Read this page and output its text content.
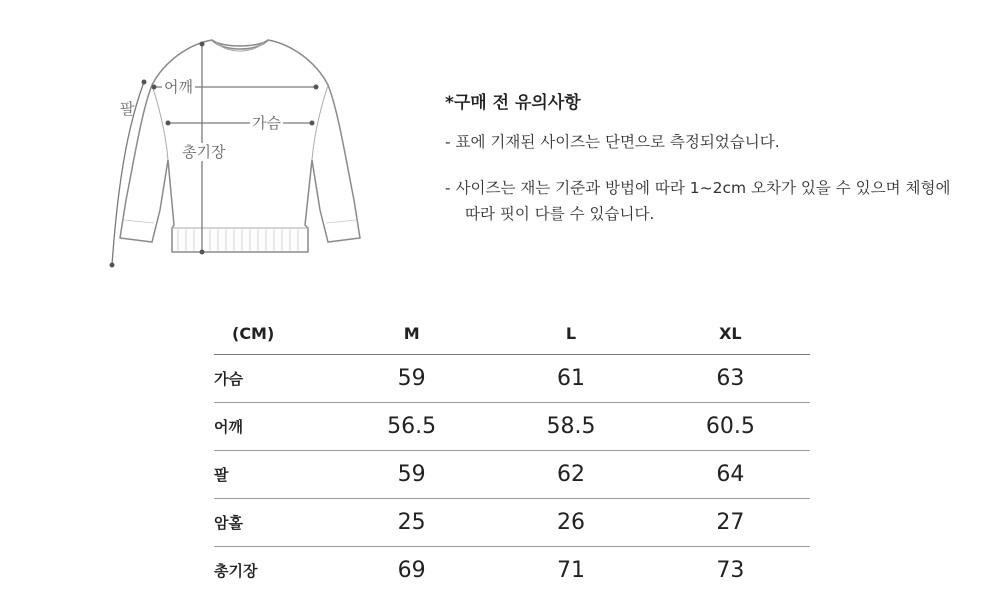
팔
어깨
가슴
총기장
*구매 전 유의사항
- 표에 기재된 사이즈는 단면으로 측정되었습니다.
- 사이즈는 재는 기준과 방법에 따라 1~2cm 오차가 있을 수 있으며 체형에 따라 핏이 다를 수 있습니다.
(CM)	M	L	XL
가슴	59	61	63
어깨	56.5	58.5	60.5
팔	59	62	64
암홀	25	26	27
총기장	69	71	73
